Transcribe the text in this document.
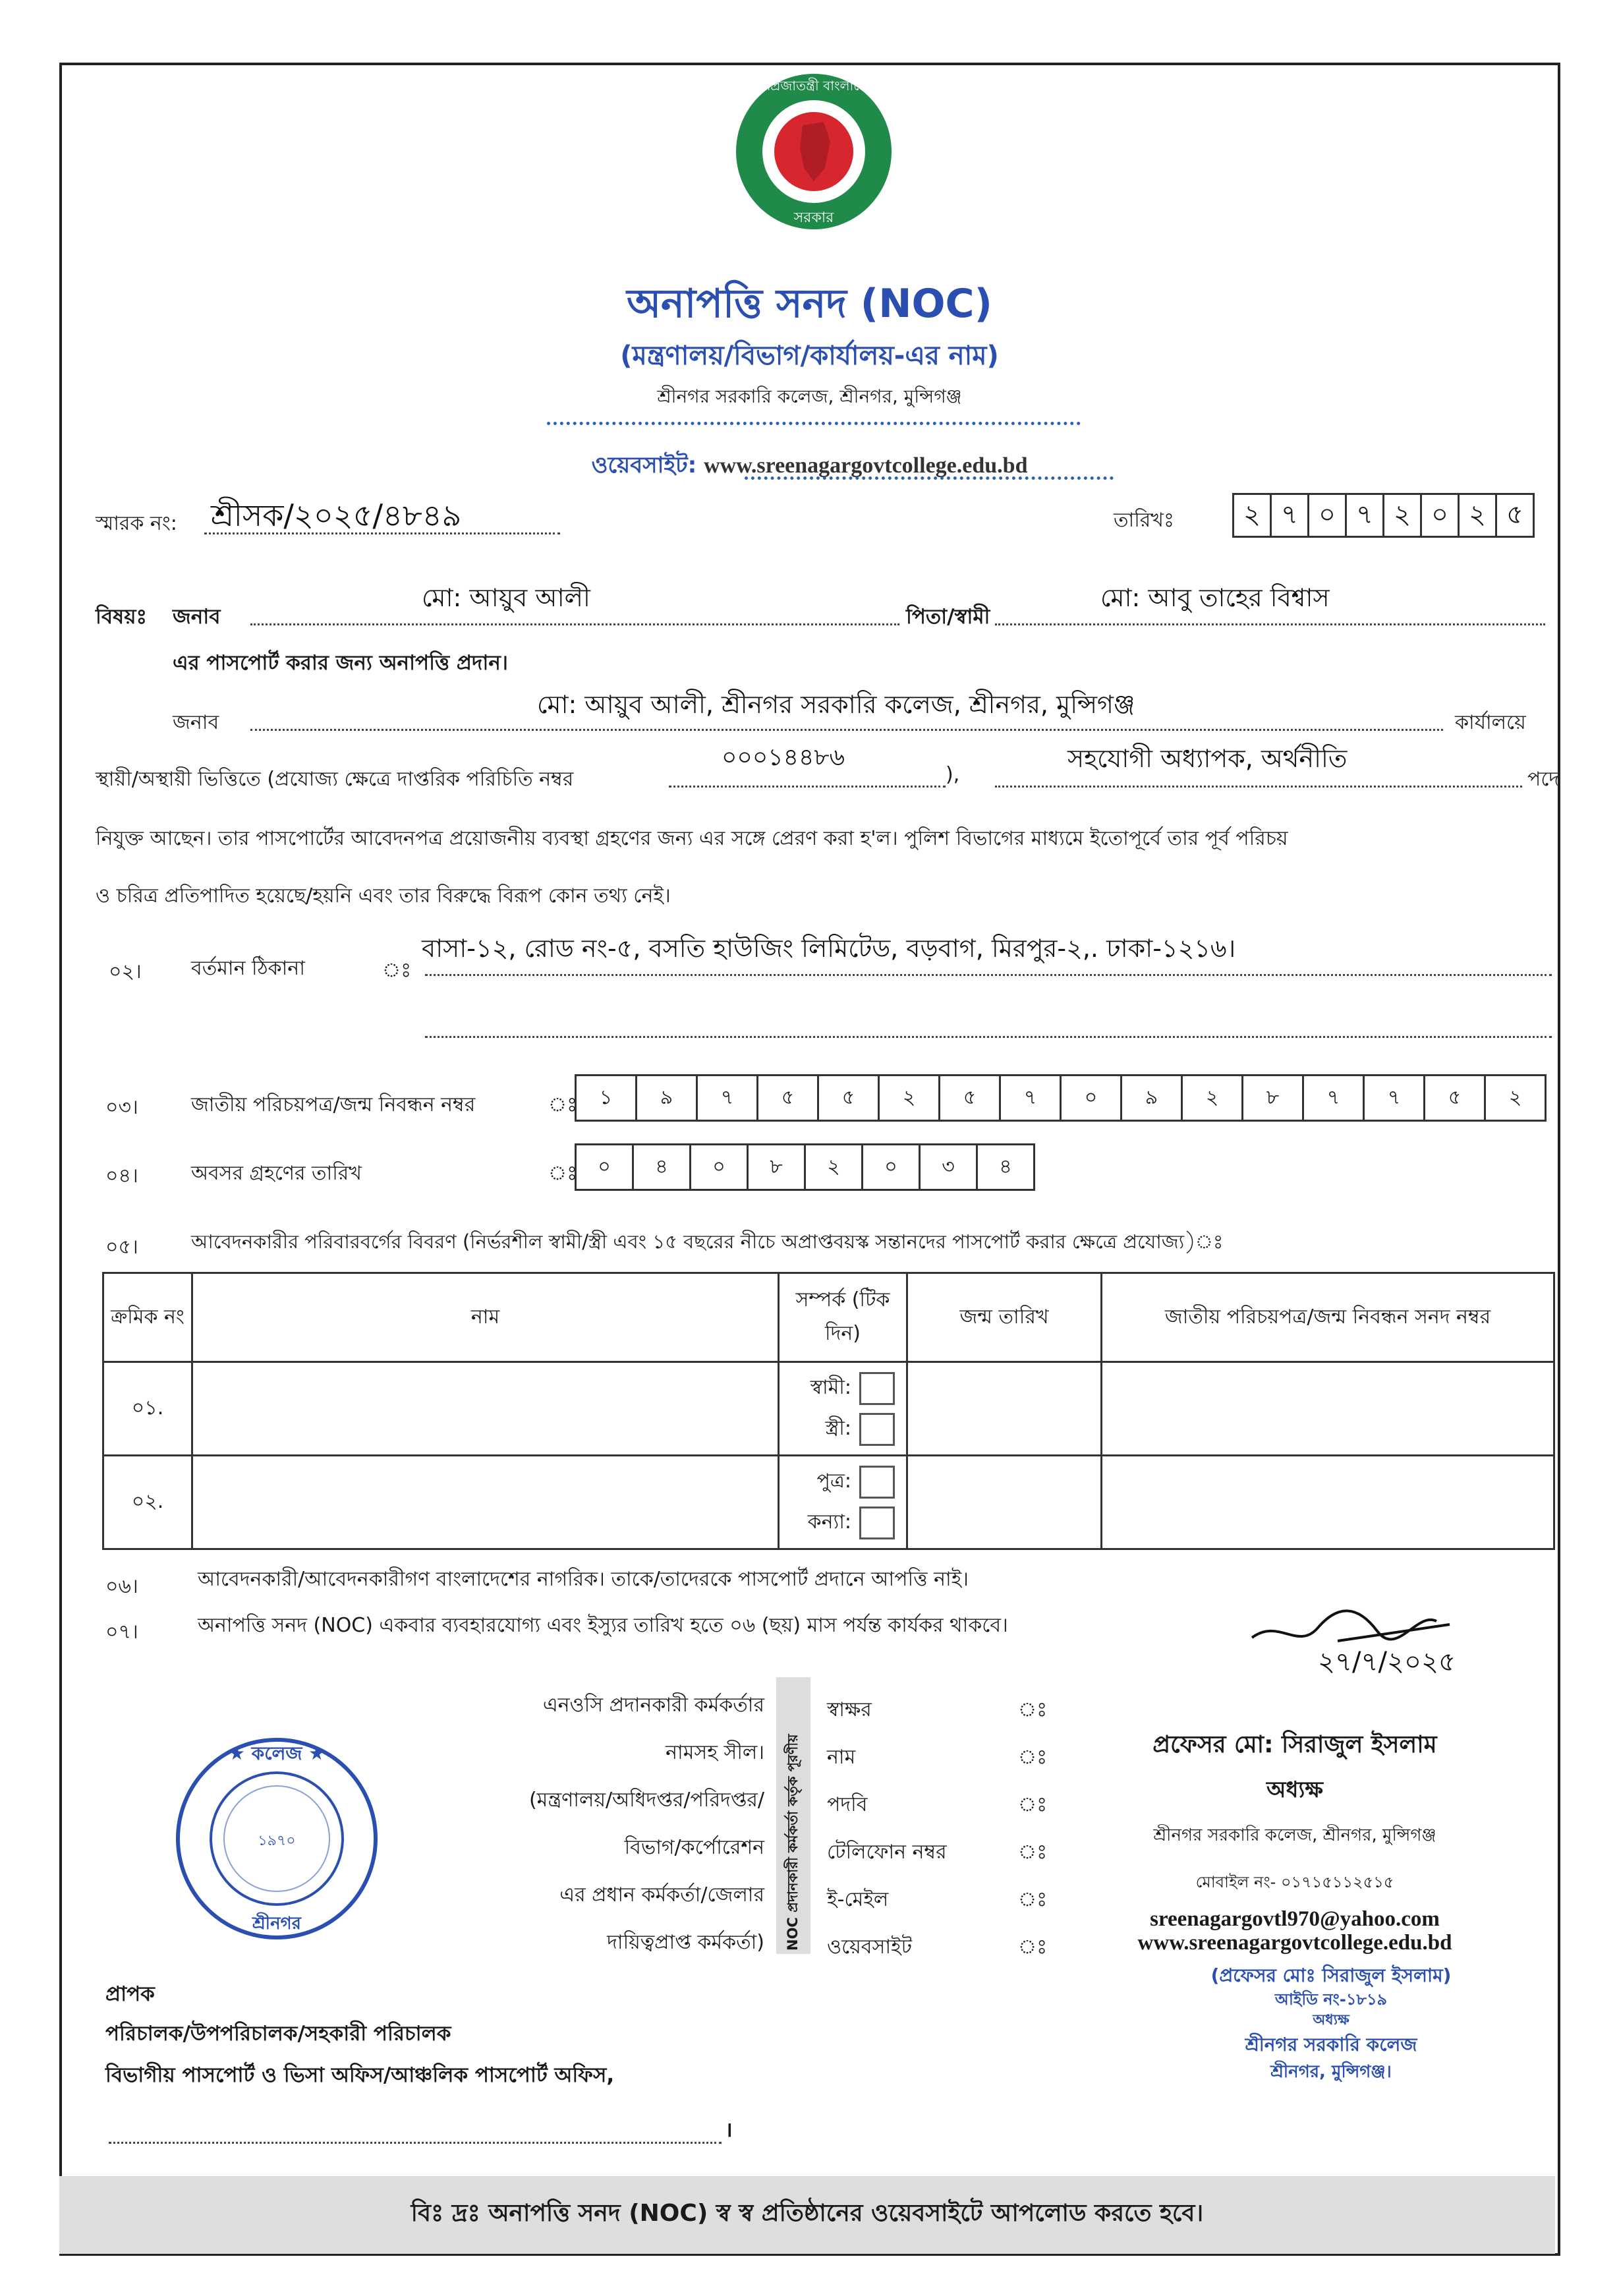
গণপ্রজাতন্ত্রী বাংলাদেশ
সরকার
অনাপত্তি সনদ (NOC)
(মন্ত্রণালয়/বিভাগ/কার্যালয়-এর নাম)
শ্রীনগর সরকারি কলেজ, শ্রীনগর, মুন্সিগঞ্জ
ওয়েবসাইট: www.sreenagargovtcollege.edu.bd
স্মারক নং: শ্রীসক/২০২৫/৪৮৪৯	তারিখঃ	২ ৭ ০ ৭ ২ ০ ২ ৫
বিষয়ঃ জনাব
মো: আয়ুব আলী
পিতা/স্বামী
মো: আবু তাহের বিশ্বাস
এর পাসপোর্ট করার জন্য অনাপত্তি প্রদান।
জনাব
মো: আয়ুব আলী, শ্রীনগর সরকারি কলেজ, শ্রীনগর, মুন্সিগঞ্জ
কার্যালয়ে
স্থায়ী/অস্থায়ী ভিত্তিতে (প্রযোজ্য ক্ষেত্রে দাপ্তরিক পরিচিতি নম্বর
০০০১৪৪৮৬
),
সহযোগী অধ্যাপক, অর্থনীতি
পদে
নিযুক্ত আছেন। তার পাসপোর্টের আবেদনপত্র প্রয়োজনীয় ব্যবস্থা গ্রহণের জন্য এর সঙ্গে প্রেরণ করা হ'ল। পুলিশ বিভাগের মাধ্যমে ইতোপূর্বে তার পূর্ব পরিচয়
ও চরিত্র প্রতিপাদিত হয়েছে/হয়নি এবং তার বিরুদ্ধে বিরূপ কোন তথ্য নেই।
০২।	বর্তমান ঠিকানা	ঃ
বাসা-১২, রোড নং-৫, বসতি হাউজিং লিমিটেড, বড়বাগ, মিরপুর-২,. ঢাকা-১২১৬।
০৩।	জাতীয় পরিচয়পত্র/জন্ম নিবন্ধন নম্বর	ঃ	১	৯	৭	৫	৫	২	৫	৭	০	৯	২	৮	৭	৭	৫	২
০৪।	অবসর গ্রহণের তারিখ	ঃ	০	৪	০	৮	২	০	৩	৪
০৫।	আবেদনকারীর পরিবারবর্গের বিবরণ (নির্ভরশীল স্বামী/স্ত্রী এবং ১৫ বছরের নীচে অপ্রাপ্তবয়স্ক সন্তানদের পাসপোর্ট করার ক্ষেত্রে প্রযোজ্য)ঃ
ক্রমিক নং	নাম	সম্পর্ক (টিক দিন)	জন্ম তারিখ	জাতীয় পরিচয়পত্র/জন্ম নিবন্ধন সনদ নম্বর
০১.		স্বামী:
স্ত্রী:		

০২.		পুত্র:
কন্যা:		

০৬।	আবেদনকারী/আবেদনকারীগণ বাংলাদেশের নাগরিক। তাকে/তাদেরকে পাসপোর্ট প্রদানে আপত্তি নাই।
০৭।	অনাপত্তি সনদ (NOC) একবার ব্যবহারযোগ্য এবং ইস্যুর তারিখ হতে ০৬ (ছয়) মাস পর্যন্ত কার্যকর থাকবে।
২৭/৭/২০২৫
এনওসি প্রদানকারী কর্মকর্তার
নামসহ সীল।
(মন্ত্রণালয়/অধিদপ্তর/পরিদপ্তর/
বিভাগ/কর্পোরেশন
এর প্রধান কর্মকর্তা/জেলার
দায়িত্বপ্রাপ্ত কর্মকর্তা)	NOC প্রদানকারী কর্মকর্তা কর্তৃক পূরণীয়
স্বাক্ষর	ঃ
নাম	ঃ	প্রফেসর মো: সিরাজুল ইসলাম
পদবি	ঃ
অধ্যক্ষ
টেলিফোন নম্বর	ঃ
শ্রীনগর সরকারি কলেজ, শ্রীনগর, মুন্সিগঞ্জ
ই-মেইল	ঃ
মোবাইল নং- ০১৭১৫১১২৫১৫
ওয়েবসাইট	ঃ
sreenagargovtl970@yahoo.com
www.sreenagargovtcollege.edu.bd
★ কলেজ ★
১৯৭০
শ্রীনগর
(প্রফেসর মোঃ সিরাজুল ইসলাম)
আইডি নং-১৮১৯
অধ্যক্ষ
শ্রীনগর সরকারি কলেজ
শ্রীনগর, মুন্সিগঞ্জ।
প্রাপক
পরিচালক/উপপরিচালক/সহকারী পরিচালক
বিভাগীয় পাসপোর্ট ও ভিসা অফিস/আঞ্চলিক পাসপোর্ট অফিস,
।
বিঃ দ্রঃ অনাপত্তি সনদ (NOC) স্ব স্ব প্রতিষ্ঠানের ওয়েবসাইটে আপলোড করতে হবে।
